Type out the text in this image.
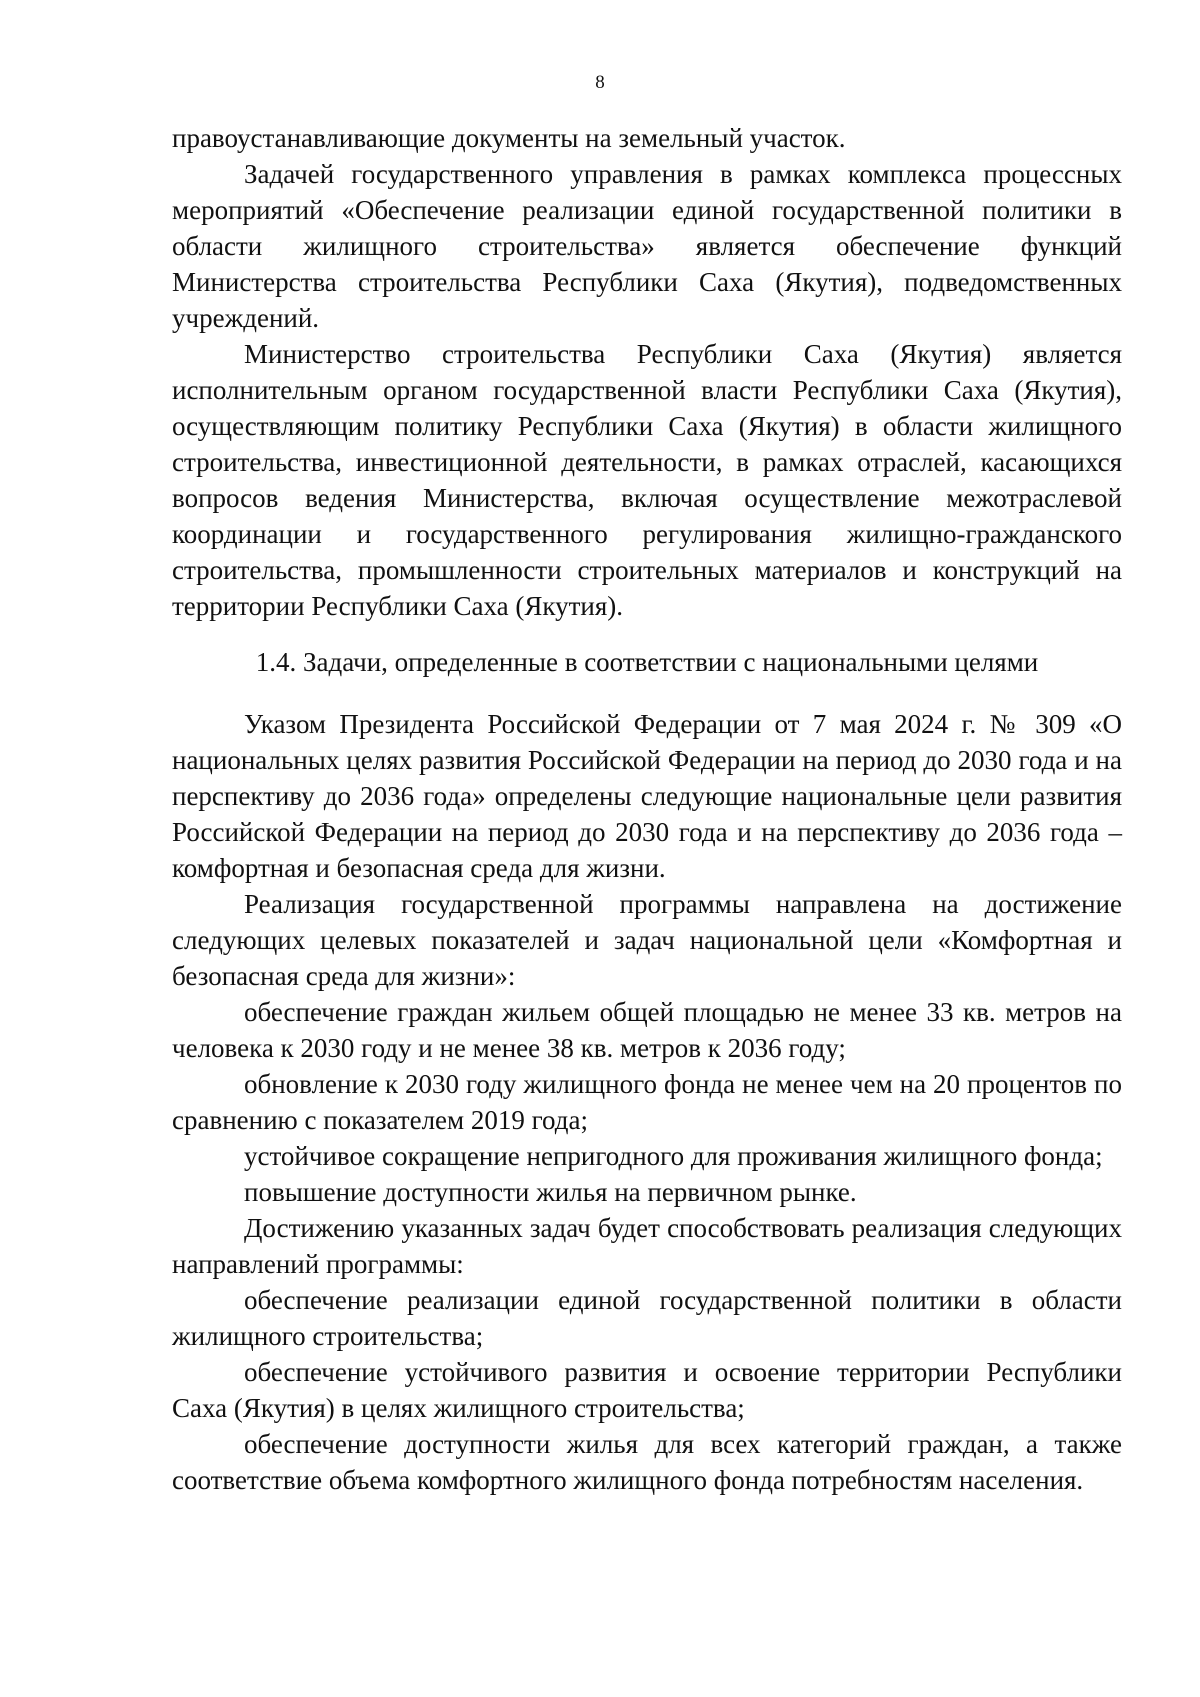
8

правоустанавливающие документы на земельный участок.

Задачей государственного управления в рамках комплекса процессных мероприятий «Обеспечение реализации единой государственной политики в области жилищного строительства» является обеспечение функций Министерства строительства Республики Саха (Якутия), подведомственных учреждений.

Министерство строительства Республики Саха (Якутия) является исполнительным органом государственной власти Республики Саха (Якутия), осуществляющим политику Республики Саха (Якутия) в области жилищного строительства, инвестиционной деятельности, в рамках отраслей, касающихся вопросов ведения Министерства, включая осуществление межотраслевой координации и государственного регулирования жилищно-гражданского строительства, промышленности строительных материалов и конструкций на территории Республики Саха (Якутия).

1.4. Задачи, определенные в соответствии с национальными целями

Указом Президента Российской Федерации от 7 мая 2024 г. № 309 «О национальных целях развития Российской Федерации на период до 2030 года и на перспективу до 2036 года» определены следующие национальные цели развития Российской Федерации на период до 2030 года и на перспективу до 2036 года – комфортная и безопасная среда для жизни.

Реализация государственной программы направлена на достижение следующих целевых показателей и задач национальной цели «Комфортная и безопасная среда для жизни»:

обеспечение граждан жильем общей площадью не менее 33 кв. метров на человека к 2030 году и не менее 38 кв. метров к 2036 году;

обновление к 2030 году жилищного фонда не менее чем на 20 процентов по сравнению с показателем 2019 года;

устойчивое сокращение непригодного для проживания жилищного фонда;

повышение доступности жилья на первичном рынке.

Достижению указанных задач будет способствовать реализация следующих направлений программы:

обеспечение реализации единой государственной политики в области жилищного строительства;

обеспечение устойчивого развития и освоение территории Республики Саха (Якутия) в целях жилищного строительства;

обеспечение доступности жилья для всех категорий граждан, а также соответствие объема комфортного жилищного фонда потребностям населения.
